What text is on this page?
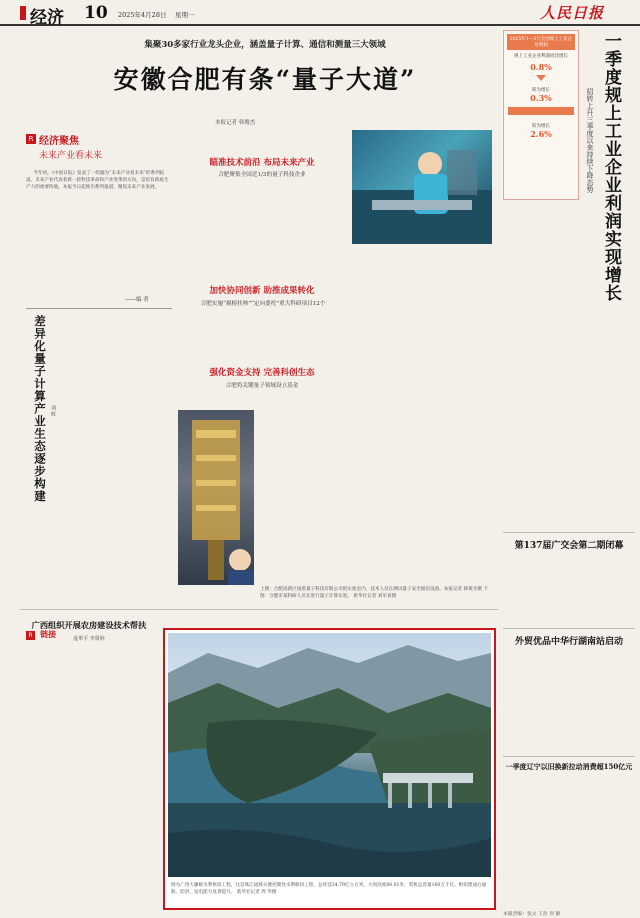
经济 10 2025年4月28日 星期一	人民日报
集聚30多家行业龙头企业，涵盖量子计算、通信和测量三大领域
安徽合肥有条“量子大道”
本报记者 韩俊杰
R 经济聚焦
未来产业看未来

今年初，《中国日报》发表了一组题为“未来产业看未来”的系列报道。未来产业代表着新一轮科技革命和产业变革的方向，是培育新质生产力的重要阵地。本报今日起推出系列报道，聚焦未来产业发展。

——编 者
差异化量子计算产业生态逐步构建 刘 辉
R 链接
瞄准技术前沿 布局未来产业
合肥聚集全国近1/3的量子科技企业
加快协同创新 助推成果转化
合肥实施“揭榜挂帅”“定向委托”重大科研项目12个
强化资金支持 完善科创生态
合肥将关键量子领域设立基金
上图：合肥高新区国盾量子科技有限公司的实验室内，技术人员在测试量子安全通信设备。本报记者 韩俊杰摄 下图：合肥市某科研人员在进行量子计算实验。 新华社记者 刘军喜摄
2025年1—3月全国规上工业企业利润
规上工业企业利润同比增长
0.8%
转为增长
0.3%
转为增长
2.6%	一季度规上工业企业利润实现增长
招转上升三季度以来持续下降态势
第137届广交会第二期闭幕
外贸优品中华行湖南站启动
一季度辽宁以旧换新拉动消费超150亿元
广西组织开展农房建设技术帮扶
庞革平 李贤婷
图为广西大藤峡水利枢纽工程，这是珠江流域关键控制性水利枢纽工程，总库容34.79亿立方米，大坝高度80.01米，装机总容量160万千瓦。枢纽建成后通航、防洪、发电能力显著提升。 新华社记者 周 华摄
本版责编：张文 王浩 何 静
